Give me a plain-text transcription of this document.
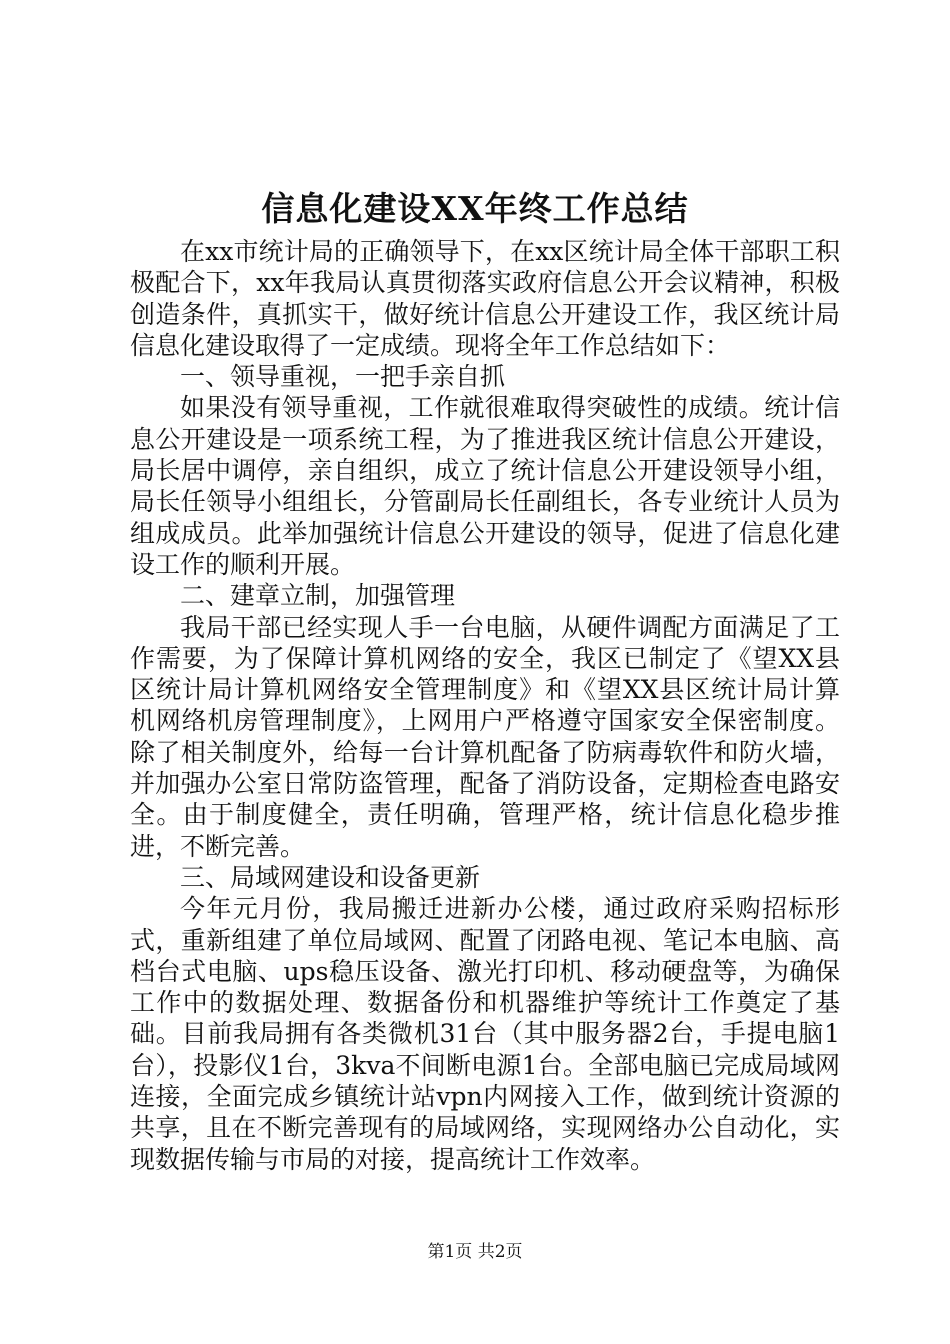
信息化建设XX年终工作总结

在xx市统计局的正确领导下，在xx区统计局全体干部职工积极配合下，xx年我局认真贯彻落实政府信息公开会议精神，积极创造条件，真抓实干，做好统计信息公开建设工作，我区统计局信息化建设取得了一定成绩。现将全年工作总结如下：

一、领导重视，一把手亲自抓

如果没有领导重视，工作就很难取得突破性的成绩。统计信息公开建设是一项系统工程，为了推进我区统计信息公开建设，局长居中调停，亲自组织，成立了统计信息公开建设领导小组，局长任领导小组组长，分管副局长任副组长，各专业统计人员为组成成员。此举加强统计信息公开建设的领导，促进了信息化建设工作的顺利开展。

二、建章立制，加强管理

我局干部已经实现人手一台电脑，从硬件调配方面满足了工作需要，为了保障计算机网络的安全，我区已制定了《望XX县区统计局计算机网络安全管理制度》和《望XX县区统计局计算机网络机房管理制度》，上网用户严格遵守国家安全保密制度。除了相关制度外，给每一台计算机配备了防病毒软件和防火墙，并加强办公室日常防盗管理，配备了消防设备，定期检查电路安全。由于制度健全，责任明确，管理严格，统计信息化稳步推进，不断完善。

三、局域网建设和设备更新

今年元月份，我局搬迁进新办公楼，通过政府采购招标形式，重新组建了单位局域网、配置了闭路电视、笔记本电脑、高档台式电脑、ups稳压设备、激光打印机、移动硬盘等，为确保工作中的数据处理、数据备份和机器维护等统计工作奠定了基础。目前我局拥有各类微机31台（其中服务器2台，手提电脑1台），投影仪1台，3kva不间断电源1台。全部电脑已完成局域网连接，全面完成乡镇统计站vpn内网接入工作，做到统计资源的共享，且在不断完善现有的局域网络，实现网络办公自动化，实现数据传输与市局的对接，提高统计工作效率。

第1页 共2页
